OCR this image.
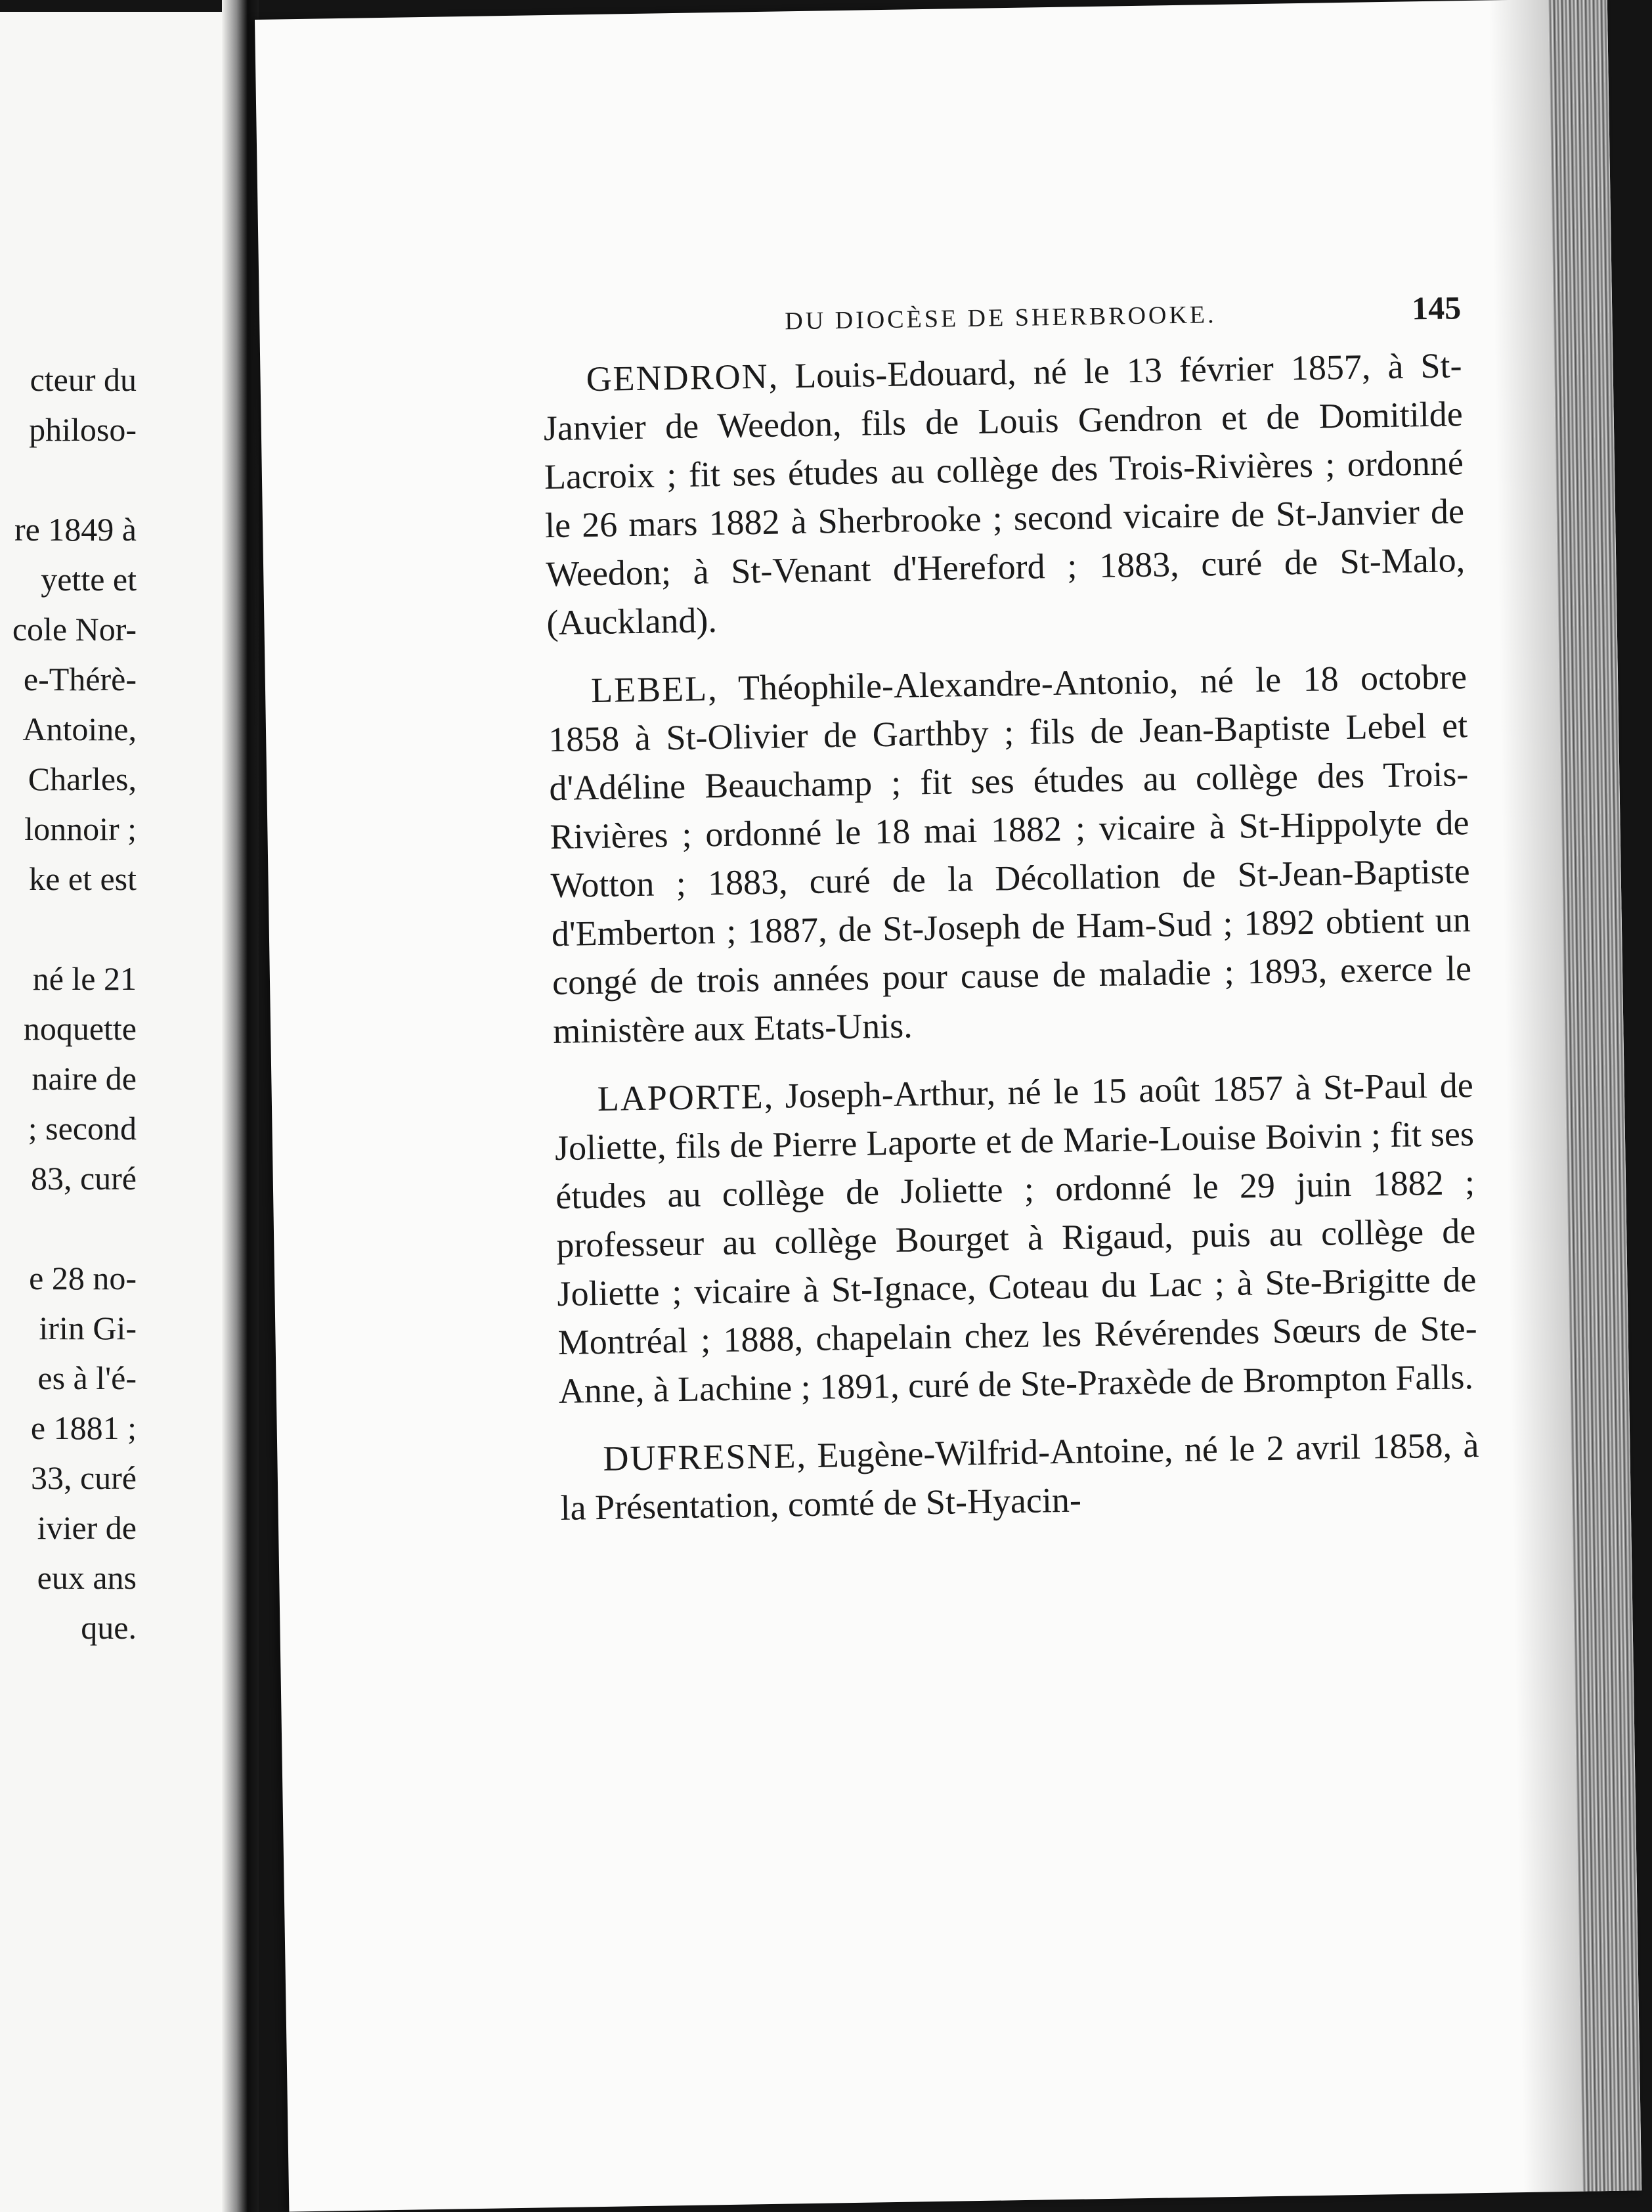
cteur du
philoso-
re 1849 à
yette et
cole Nor-
e-Thérè-
Antoine,
Charles,
lonnoir ;
ke et est
né le 21
noquette
naire de
; second
83, curé
e 28 no-
irin Gi-
es à l'é-
e 1881 ;
33, curé
ivier de
eux ans
que.
DU DIOCÈSE DE SHERBROOKE.	145

GENDRON, Louis-Edouard, né le 13 février 1857, à St-Janvier de Weedon, fils de Louis Gendron et de Domitilde Lacroix ; fit ses études au collège des Trois-Rivières ; ordonné le 26 mars 1882 à Sherbrooke ; second vicaire de St-Janvier de Weedon; à St-Venant d'Hereford ; 1883, curé de St-Malo, (Auckland).

LEBEL, Théophile-Alexandre-Antonio, né le 18 octobre 1858 à St-Olivier de Garthby ; fils de Jean-Baptiste Lebel et d'Adéline Beauchamp ; fit ses études au collège des Trois-Rivières ; ordonné le 18 mai 1882 ; vicaire à St-Hippolyte de Wotton ; 1883, curé de la Décollation de St-Jean-Baptiste d'Emberton ; 1887, de St-Joseph de Ham-Sud ; 1892 obtient un congé de trois années pour cause de maladie ; 1893, exerce le ministère aux Etats-Unis.

LAPORTE, Joseph-Arthur, né le 15 août 1857 à St-Paul de Joliette, fils de Pierre Laporte et de Marie-Louise Boivin ; fit ses études au collège de Joliette ; ordonné le 29 juin 1882 ; professeur au collège Bourget à Rigaud, puis au collège de Joliette ; vicaire à St-Ignace, Coteau du Lac ; à Ste-Brigitte de Montréal ; 1888, chapelain chez les Révérendes Sœurs de Ste-Anne, à Lachine ; 1891, curé de Ste-Praxède de Brompton Falls.

DUFRESNE, Eugène-Wilfrid-Antoine, né le 2 avril 1858, à la Présentation, comté de St-Hyacin-
